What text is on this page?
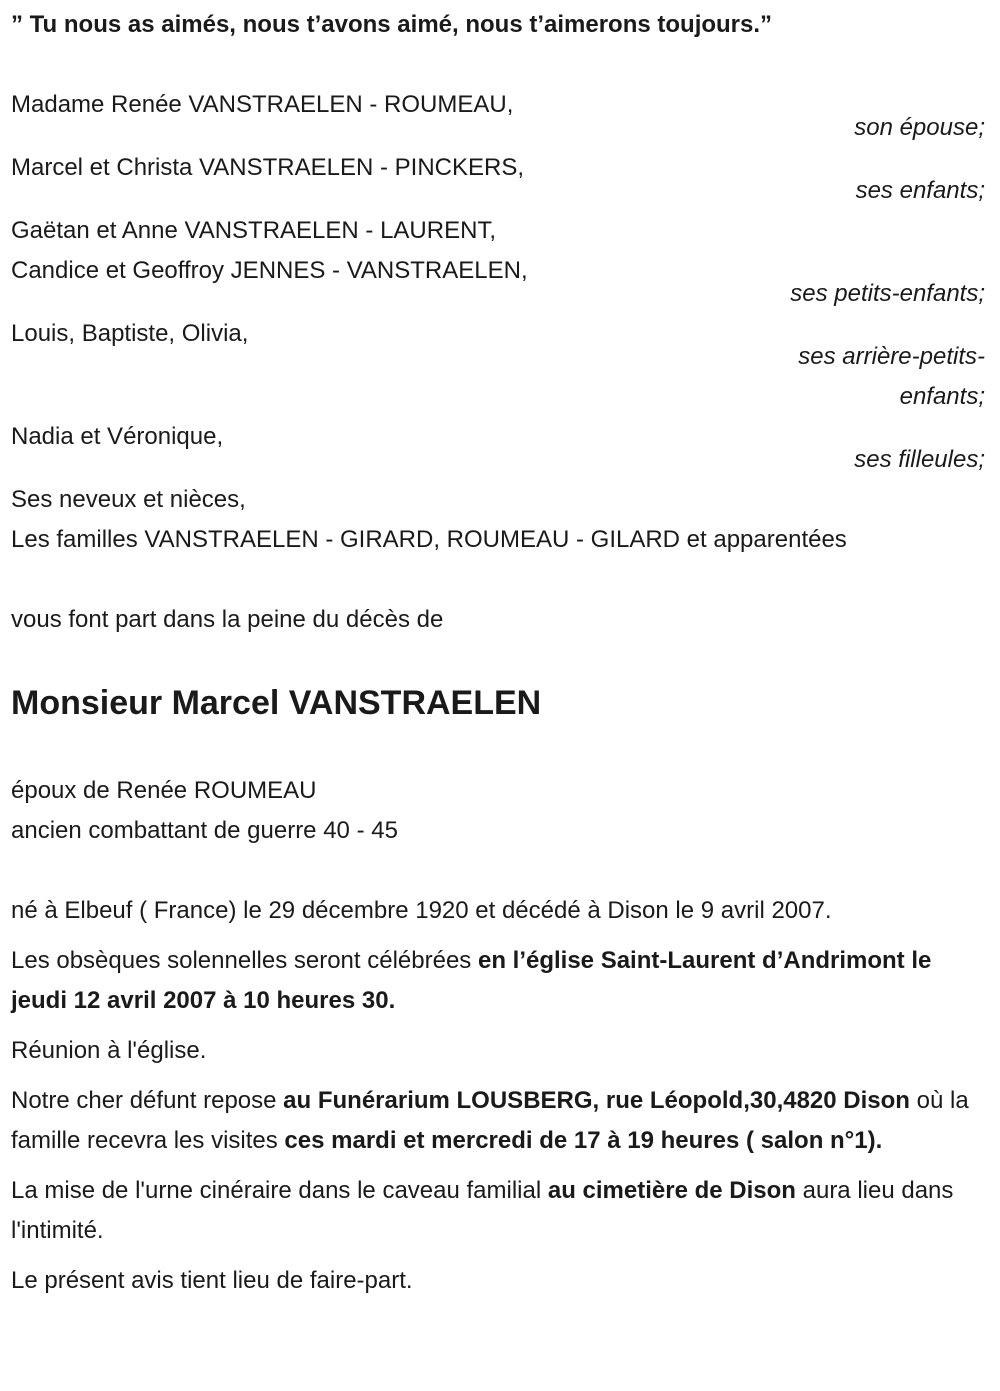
” Tu nous as aimés, nous t’avons aimé, nous t’aimerons toujours.”
Madame Renée VANSTRAELEN - ROUMEAU,
son épouse;
Marcel et Christa VANSTRAELEN - PINCKERS,
ses enfants;
Gaëtan et Anne VANSTRAELEN - LAURENT,
Candice et Geoffroy JENNES - VANSTRAELEN,
ses petits-enfants;
Louis, Baptiste, Olivia,
ses arrière-petits-enfants;
Nadia et Véronique,
ses filleules;
Ses neveux et nièces,
Les familles VANSTRAELEN - GIRARD, ROUMEAU - GILARD et apparentées
vous font part dans la peine du décès de
Monsieur Marcel VANSTRAELEN
époux de Renée ROUMEAU
ancien combattant de guerre 40 - 45
né à Elbeuf ( France) le 29 décembre 1920 et décédé à Dison le 9 avril 2007.
Les obsèques solennelles seront célébrées en l’église Saint-Laurent d’Andrimont le jeudi 12 avril 2007 à 10 heures 30.
Réunion à l'église.
Notre cher défunt repose au Funérarium LOUSBERG, rue Léopold,30,4820 Dison où la famille recevra les visites ces mardi et mercredi de 17 à 19 heures ( salon n°1).
La mise de l'urne cinéraire dans le caveau familial au cimetière de Dison aura lieu dans l'intimité.
Le présent avis tient lieu de faire-part.
